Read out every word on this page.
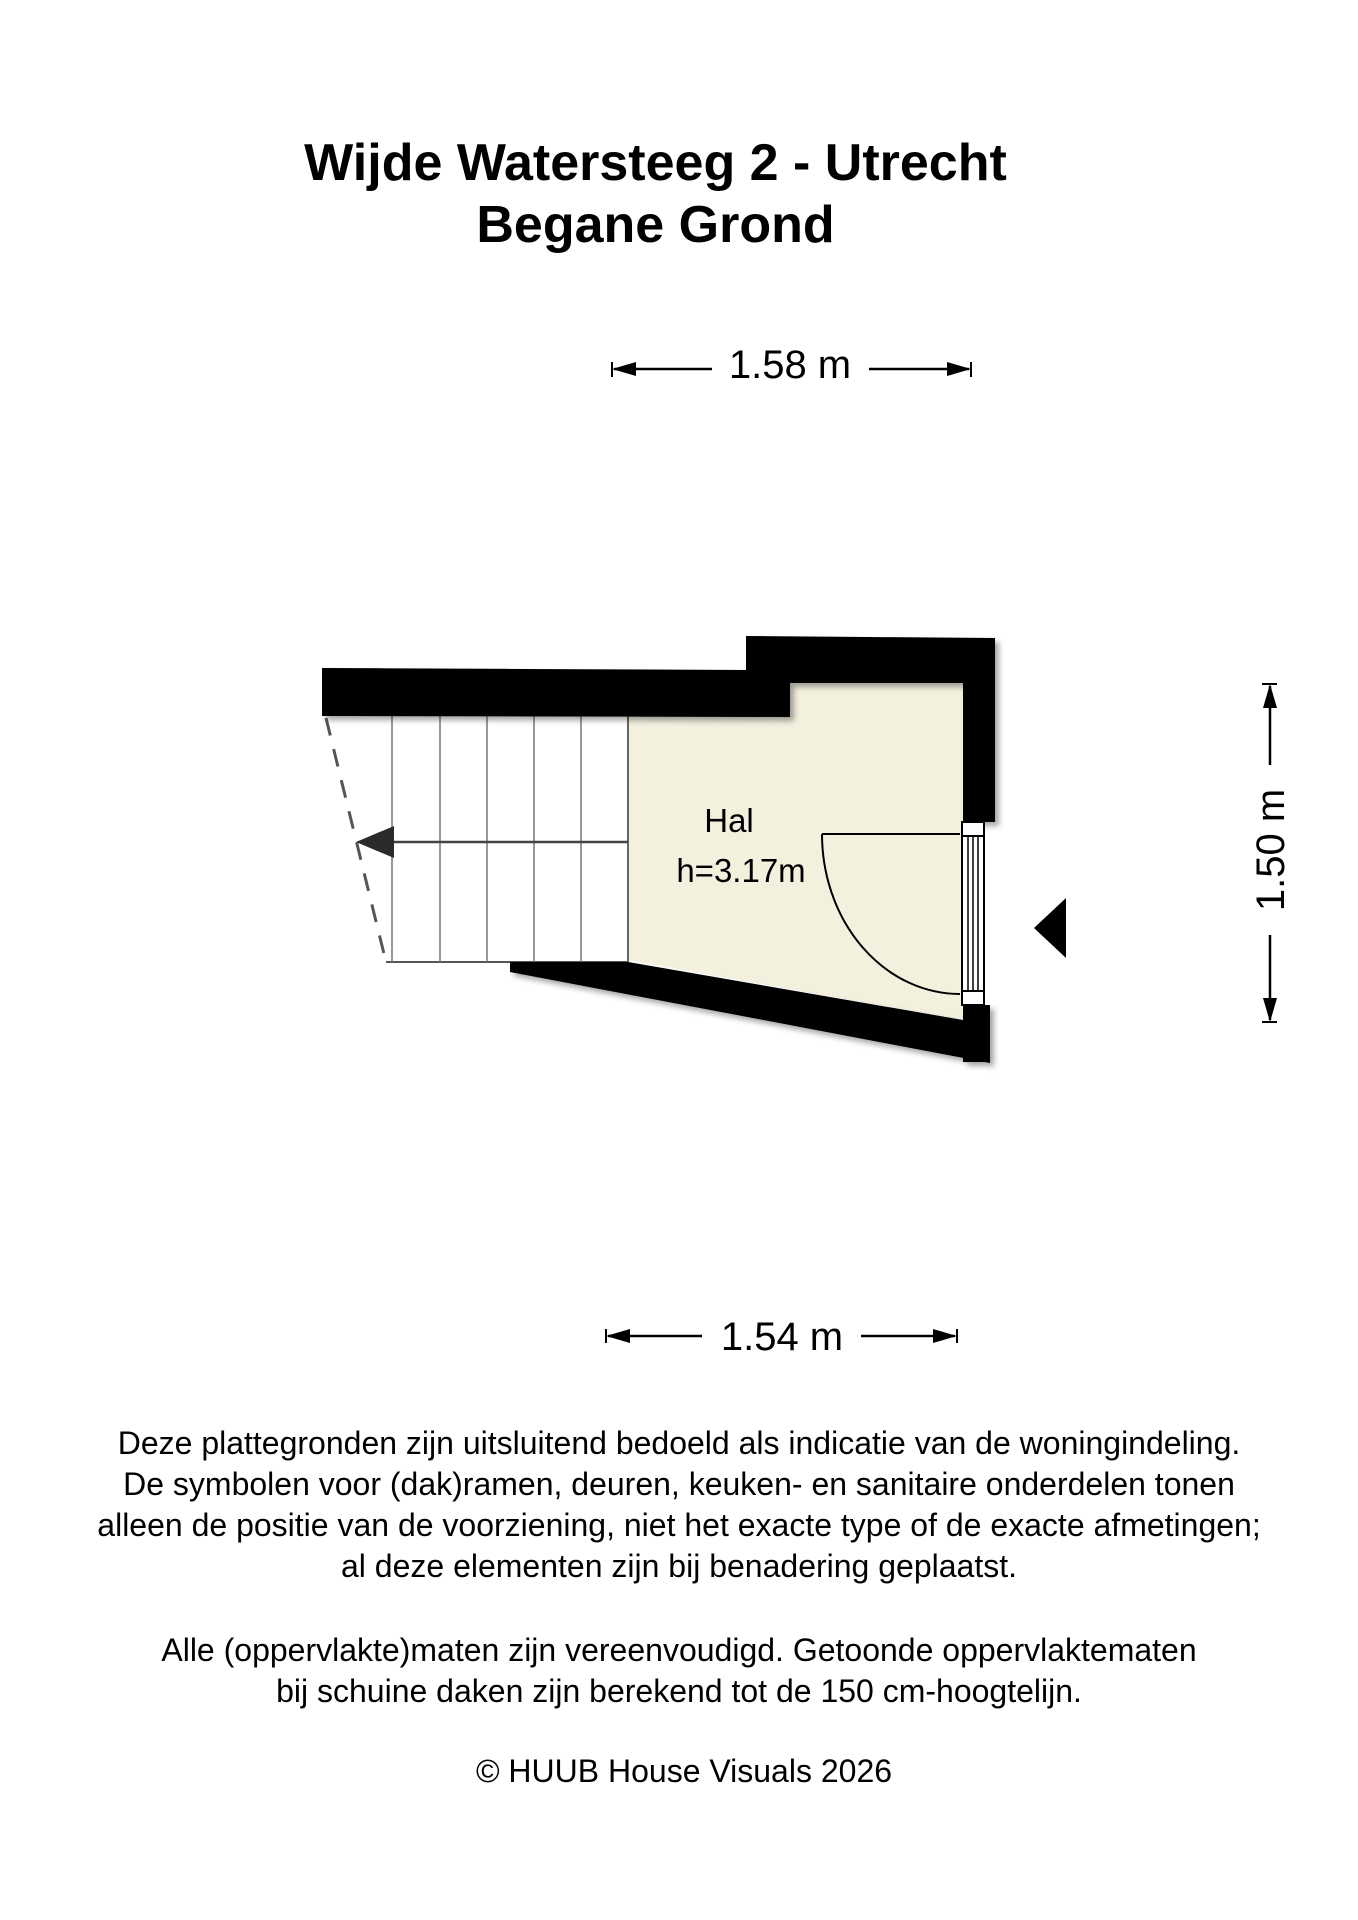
Wijde Watersteeg 2 - Utrecht
Begane Grond
1.58 m
1.50 m
1.54 m
Hal
h=3.17m
Deze plattegronden zijn uitsluitend bedoeld als indicatie van de woningindeling.
De symbolen voor (dak)ramen, deuren, keuken- en sanitaire onderdelen tonen
alleen de positie van de voorziening, niet het exacte type of de exacte afmetingen;
al deze elementen zijn bij benadering geplaatst.
Alle (oppervlakte)maten zijn vereenvoudigd. Getoonde oppervlaktematen
bij schuine daken zijn berekend tot de 150 cm-hoogtelijn.
© HUUB House Visuals 2026
